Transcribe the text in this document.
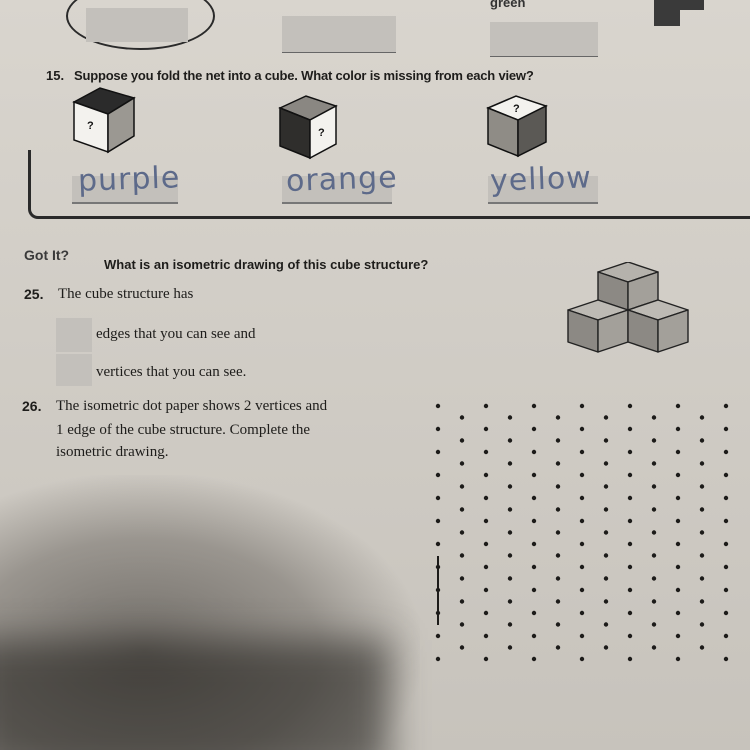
green
15. Suppose you fold the net into a cube. What color is missing from each view?
?
?
?
purple	orange	yellow
Got It?
What is an isometric drawing of this cube structure?
25. The cube structure has
edges that you can see and
vertices that you can see.
26. The isometric dot paper shows 2 vertices and
1 edge of the cube structure. Complete the
isometric drawing.
